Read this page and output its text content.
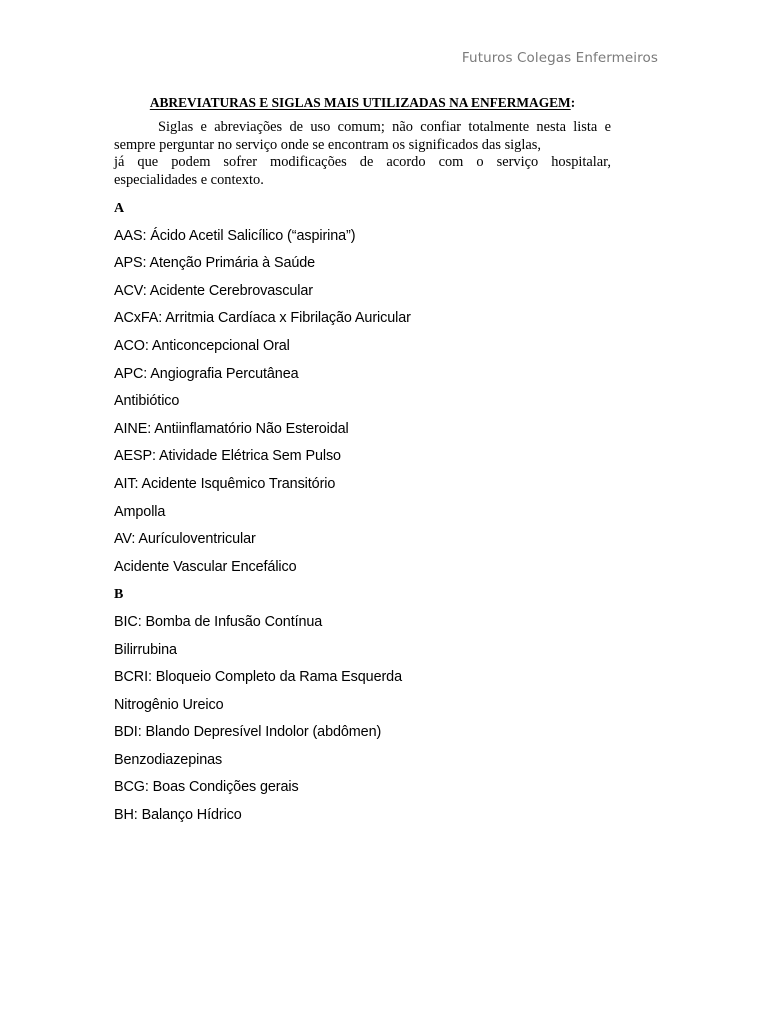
Futuros Colegas Enfermeiros
ABREVIATURAS E SIGLAS MAIS UTILIZADAS NA ENFERMAGEM:

Siglas e abreviações de uso comum; não confiar totalmente nesta lista e
sempre perguntar no serviço onde se encontram os significados das siglas,
já que podem sofrer modificações de acordo com o serviço hospitalar,
especialidades e contexto.

A
AAS: Ácido Acetil Salicílico (“aspirina”)
APS: Atenção Primária à Saúde
ACV: Acidente Cerebrovascular
ACxFA: Arritmia Cardíaca x Fibrilação Auricular
ACO: Anticoncepcional Oral
APC: Angiografia Percutânea
Antibiótico
AINE: Antiinflamatório Não Esteroidal
AESP: Atividade Elétrica Sem Pulso
AIT: Acidente Isquêmico Transitório
Ampolla
AV: Aurículoventricular
Acidente Vascular Encefálico
B
BIC: Bomba de Infusão Contínua
Bilirrubina
BCRI: Bloqueio Completo da Rama Esquerda
Nitrogênio Ureico
BDI: Blando Depresível Indolor (abdômen)
Benzodiazepinas
BCG: Boas Condições gerais
BH: Balanço Hídrico
